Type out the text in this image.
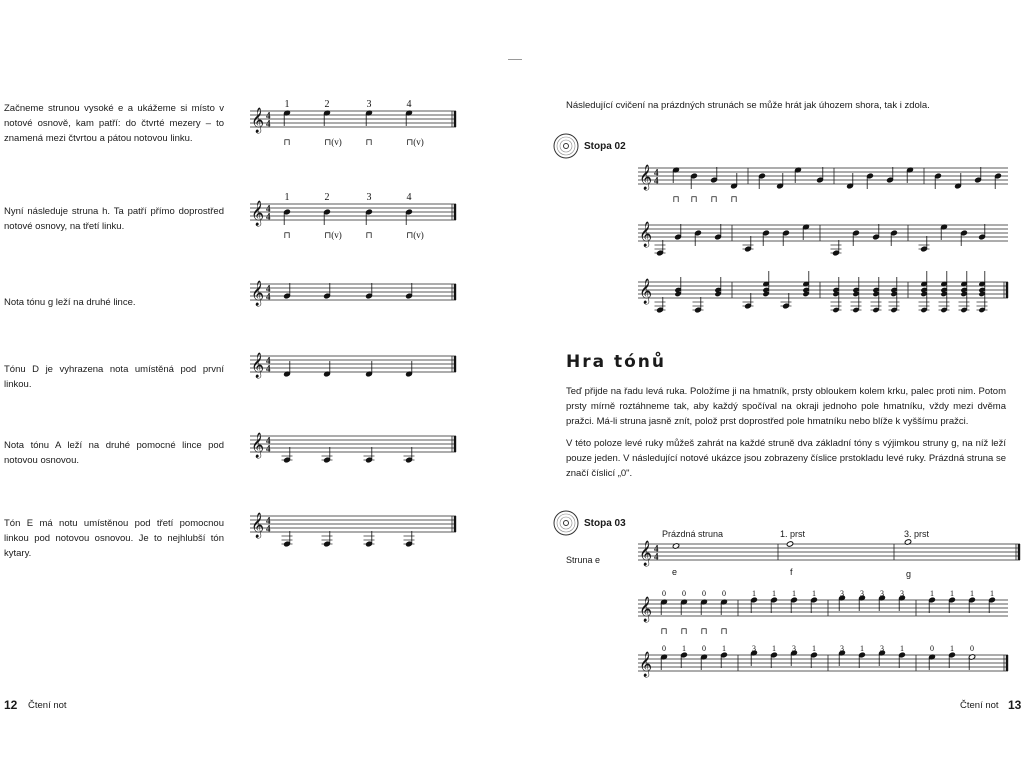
Začneme strunou vysoké e a ukážeme si místo v notové osnově, kam patří: do čtvrté mezery – to znamená mezi čtvrtou a pátou notovou linku.
Nyní následuje struna h. Ta patří přímo doprostřed notové osnovy, na třetí linku.
Nota tónu g leží na druhé lince.
Tónu D je vyhrazena nota umístěná pod první linkou.
Nota tónu A leží na druhé pomocné lince pod notovou osnovou.
Tón E má notu umístěnou pod třetí pomocnou linkou pod notovou osnovou. Je to nejhlubší tón kytary.
𝄞 4
4
1	2	3	4
⊓	⊓(v)	⊓	⊓(v)
𝄞 4
4
1	2	3	4
⊓	⊓(v)	⊓	⊓(v)
𝄞 4
4
𝄞 4
4
𝄞 4
4
𝄞 4
4
12 Čtení not
Následující cvičení na prázdných strunách se může hrát jak úhozem shora, tak i zdola.
Stopa 02
𝄞 4
4
⊓ ⊓ ⊓ ⊓
𝄞
𝄞
Hra tónů
Teď přijde na řadu levá ruka. Položíme ji na hmatník, prsty obloukem kolem krku, palec proti nim. Potom prsty mírně roztáhneme tak, aby každý spočíval na okraji jednoho pole hmatníku, vždy mezi dvěma pražci. Má-li struna jasně znít, polož prst doprostřed pole hmatníku nebo blíže k vyššímu pražci.
V této poloze levé ruky můžeš zahrát na každé struně dva základní tóny s výjimkou struny g, na níž leží pouze jeden. V následující notové ukázce jsou zobrazeny číslice prstokladu levé ruky. Prázdná struna se značí číslicí „0".
Stopa 03
Prázdná struna	1. prst	3. prst
Struna e 𝄞 4
4
e	f	g
𝄞
0 0 0 0	1 1 1 1	3 3 3 3	1 1 1 1
⊓ ⊓ ⊓ ⊓
𝄞
0 1 0 1	3 1 3 1	3 1 3 1	0 1 0
Čtení not 13
